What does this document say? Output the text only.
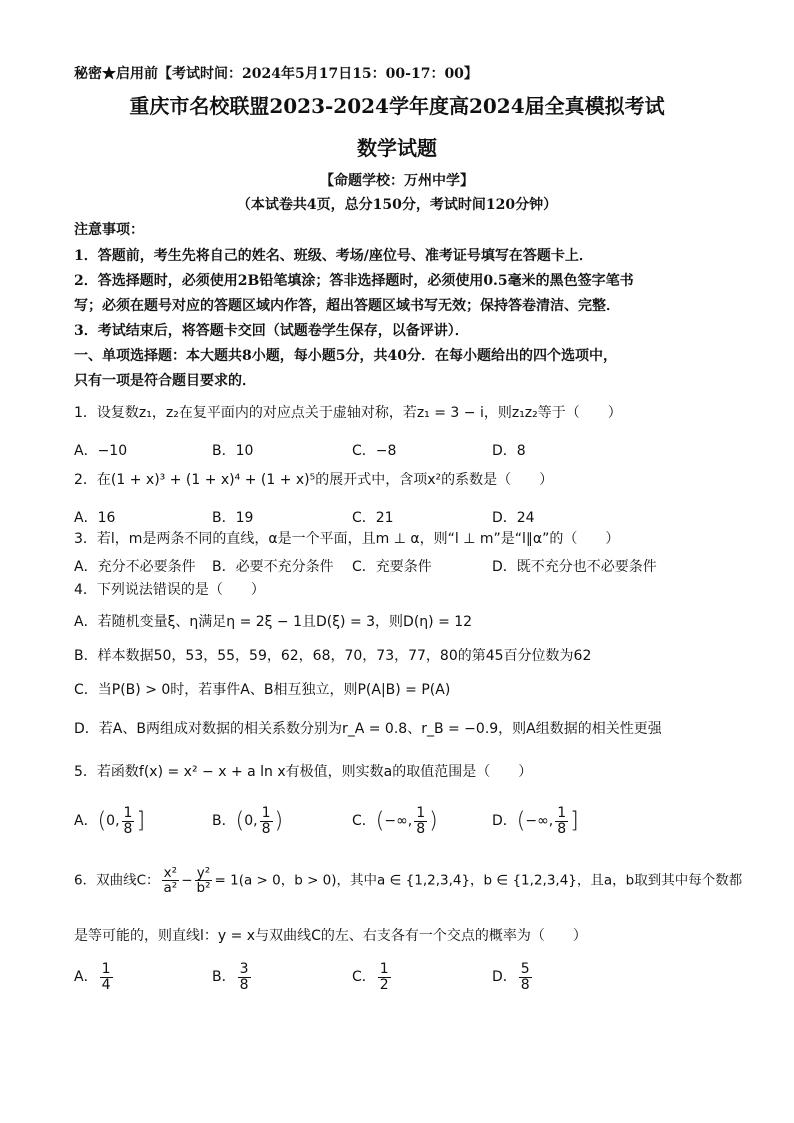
秘密★启用前【考试时间：2024年5月17日15：00-17：00】
重庆市名校联盟2023-2024学年度高2024届全真模拟考试
数学试题
【命题学校：万州中学】
（本试卷共4页，总分150分，考试时间120分钟）
注意事项：
1．答题前，考生先将自己的姓名、班级、考场/座位号、准考证号填写在答题卡上．
2．答选择题时，必须使用2B铅笔填涂；答非选择题时，必须使用0.5毫米的黑色签字笔书
写；必须在题号对应的答题区域内作答，超出答题区域书写无效；保持答卷清洁、完整．
3．考试结束后，将答题卡交回（试题卷学生保存，以备评讲）．
一、单项选择题：本大题共8小题，每小题5分，共40分．在每小题给出的四个选项中，
只有一项是符合题目要求的．
1．设复数z₁，z₂在复平面内的对应点关于虚轴对称，若z₁ = 3 − i，则z₁z₂等于（　　）
A．−10	B．10	C．−8	D．8
2．在(1 + x)³ + (1 + x)⁴ + (1 + x)⁵的展开式中，含项x²的系数是（　　）
A．16	B．19	C．21	D．24
3．若l，m是两条不同的直线，α是一个平面，且m ⊥ α，则“l ⊥ m”是“l∥α”的（　　）
A．充分不必要条件 B．必要不充分条件 C．充要条件	D．既不充分也不必要条件
4．下列说法错误的是（　　）
A．若随机变量ξ、η满足η = 2ξ − 1且D(ξ) = 3，则D(η) = 12
B．样本数据50，53，55，59，62，68，70，73，77，80的第45百分位数为62
C．当P(B) > 0时，若事件A、B相互独立，则P(A|B) = P(A)
D．若A、B两组成对数据的相关系数分别为r_A = 0.8、r_B = −0.9，则A组数据的相关性更强
5．若函数f(x) = x² − x + a ln x有极值，则实数a的取值范围是（　　）
A．(0, $\frac{1}{8}$ ]	B．(0, $\frac{1}{8}$ )	C．(−∞, $\frac{1}{8}$ )	D．(−∞, $\frac{1}{8}$ ]
6．双曲线C： $\frac{\text{x²}}{\text{a²}} - \frac{\text{y²}}{\text{b²}} = 1(a > 0$，b > 0)，其中a ∈ {1,2,3,4}，b ∈ {1,2,3,4}，且a，b取到其中每个数都
是等可能的，则直线l：y = x与双曲线C的左、右支各有一个交点的概率为（　　）
A． $\frac{1}{4}$	B． $\frac{3}{8}$	C． $\frac{1}{2}$	D． $\frac{5}{8}$
